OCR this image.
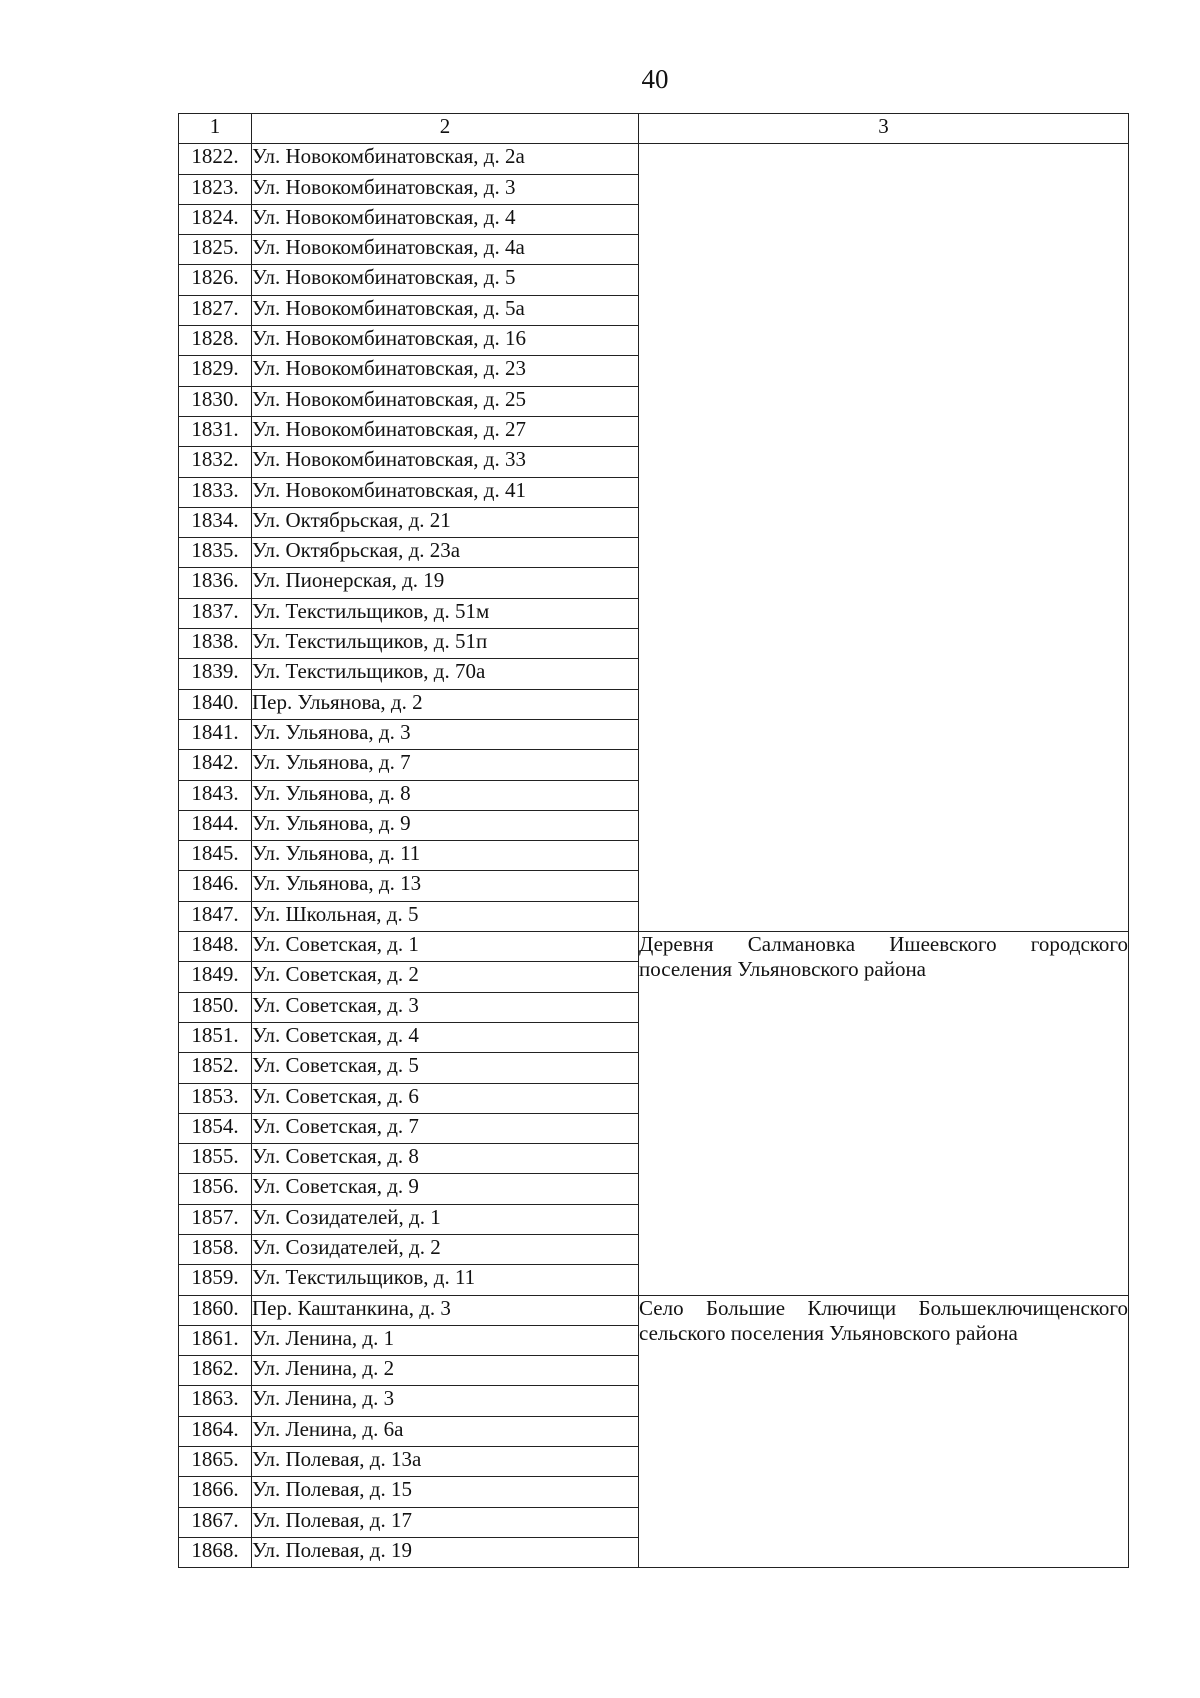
40
1	2	3
1822.	Ул. Новокомбинатовская, д. 2а	
1823.	Ул. Новокомбинатовская, д. 3	
1824.	Ул. Новокомбинатовская, д. 4	
1825.	Ул. Новокомбинатовская, д. 4а	
1826.	Ул. Новокомбинатовская, д. 5	
1827.	Ул. Новокомбинатовская, д. 5а	
1828.	Ул. Новокомбинатовская, д. 16	
1829.	Ул. Новокомбинатовская, д. 23	
1830.	Ул. Новокомбинатовская, д. 25	
1831.	Ул. Новокомбинатовская, д. 27	
1832.	Ул. Новокомбинатовская, д. 33	
1833.	Ул. Новокомбинатовская, д. 41	
1834.	Ул. Октябрьская, д. 21	
1835.	Ул. Октябрьская, д. 23а	
1836.	Ул. Пионерская, д. 19	
1837.	Ул. Текстильщиков, д. 51м	
1838.	Ул. Текстильщиков, д. 51п	
1839.	Ул. Текстильщиков, д. 70а	
1840.	Пер. Ульянова, д. 2	
1841.	Ул. Ульянова, д. 3	
1842.	Ул. Ульянова, д. 7	
1843.	Ул. Ульянова, д. 8	
1844.	Ул. Ульянова, д. 9	
1845.	Ул. Ульянова, д. 11	
1846.	Ул. Ульянова, д. 13	
1847.	Ул. Школьная, д. 5	
1848.	Ул. Советская, д. 1	Деревня Салмановка Ишеевского городского поселения Ульяновского района
1849.	Ул. Советская, д. 2	
1850.	Ул. Советская, д. 3	
1851.	Ул. Советская, д. 4	
1852.	Ул. Советская, д. 5	
1853.	Ул. Советская, д. 6	
1854.	Ул. Советская, д. 7	
1855.	Ул. Советская, д. 8	
1856.	Ул. Советская, д. 9	
1857.	Ул. Созидателей, д. 1	
1858.	Ул. Созидателей, д. 2	
1859.	Ул. Текстильщиков, д. 11	
1860.	Пер. Каштанкина, д. 3	Село Большие Ключищи Большеключищенского сельского поселения Ульяновского района
1861.	Ул. Ленина, д. 1	
1862.	Ул. Ленина, д. 2	
1863.	Ул. Ленина, д. 3	
1864.	Ул. Ленина, д. 6а	
1865.	Ул. Полевая, д. 13а	
1866.	Ул. Полевая, д. 15	
1867.	Ул. Полевая, д. 17	
1868.	Ул. Полевая, д. 19	
